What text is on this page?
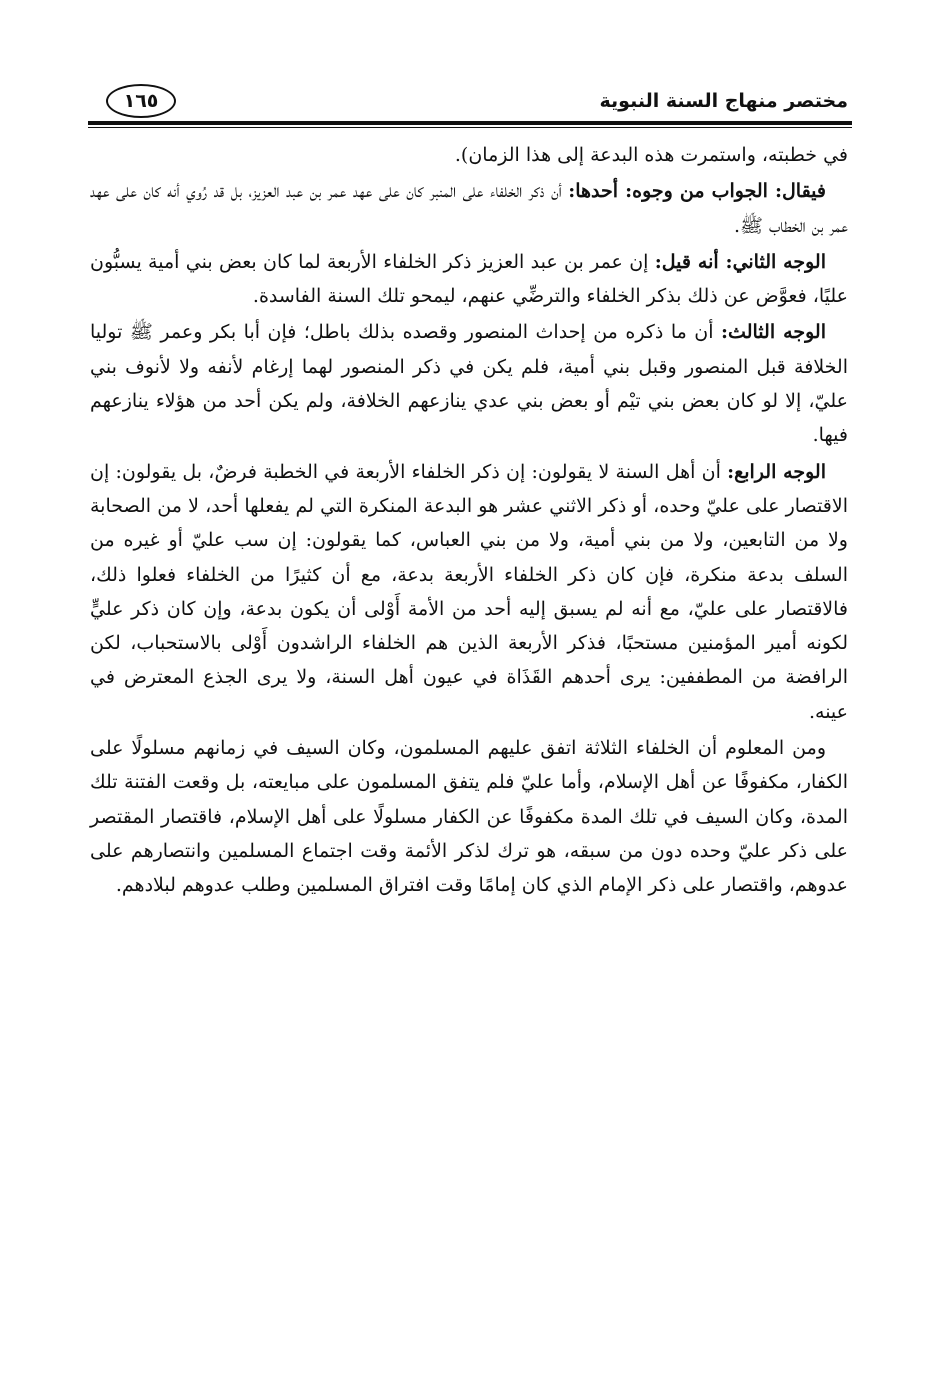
مختصر منهاج السنة النبوية
١٦٥

في خطبته، واستمرت هذه البدعة إلى هذا الزمان).

فيقال: الجواب من وجوه: أحدها: أن ذكر الخلفاء على المنبر كان على عهد عمر بن عبد العزيز، بل قد رُوي أنه كان على عهد عمر بن الخطاب ﷺ.

الوجه الثاني: أنه قيل: إن عمر بن عبد العزيز ذكر الخلفاء الأربعة لما كان بعض بني أمية يسبُّون عليًا، فعوَّض عن ذلك بذكر الخلفاء والترضِّي عنهم، ليمحو تلك السنة الفاسدة.

الوجه الثالث: أن ما ذكره من إحداث المنصور وقصده بذلك باطل؛ فإن أبا بكر وعمر ﷺ توليا الخلافة قبل المنصور وقبل بني أمية، فلم يكن في ذكر المنصور لهما إرغام لأنفه ولا لأنوف بني عليّ، إلا لو كان بعض بني تيْم أو بعض بني عدي ينازعهم الخلافة، ولم يكن أحد من هؤلاء ينازعهم فيها.

الوجه الرابع: أن أهل السنة لا يقولون: إن ذكر الخلفاء الأربعة في الخطبة فرضٌ، بل يقولون: إن الاقتصار على عليّ وحده، أو ذكر الاثني عشر هو البدعة المنكرة التي لم يفعلها أحد، لا من الصحابة ولا من التابعين، ولا من بني أمية، ولا من بني العباس، كما يقولون: إن سب عليّ أو غيره من السلف بدعة منكرة، فإن كان ذكر الخلفاء الأربعة بدعة، مع أن كثيرًا من الخلفاء فعلوا ذلك، فالاقتصار على عليّ، مع أنه لم يسبق إليه أحد من الأمة أَوْلى أن يكون بدعة، وإن كان ذكر عليٍّ لكونه أمير المؤمنين مستحبًا، فذكر الأربعة الذين هم الخلفاء الراشدون أَوْلى بالاستحباب، لكن الرافضة من المطففين: يرى أحدهم القَذَاة في عيون أهل السنة، ولا يرى الجذع المعترض في عينه.

ومن المعلوم أن الخلفاء الثلاثة اتفق عليهم المسلمون، وكان السيف في زمانهم مسلولًا على الكفار، مكفوفًا عن أهل الإسلام، وأما عليّ فلم يتفق المسلمون على مبايعته، بل وقعت الفتنة تلك المدة، وكان السيف في تلك المدة مكفوفًا عن الكفار مسلولًا على أهل الإسلام، فاقتصار المقتصر على ذكر عليّ وحده دون من سبقه، هو ترك لذكر الأئمة وقت اجتماع المسلمين وانتصارهم على عدوهم، واقتصار على ذكر الإمام الذي كان إمامًا وقت افتراق المسلمين وطلب عدوهم لبلادهم.
